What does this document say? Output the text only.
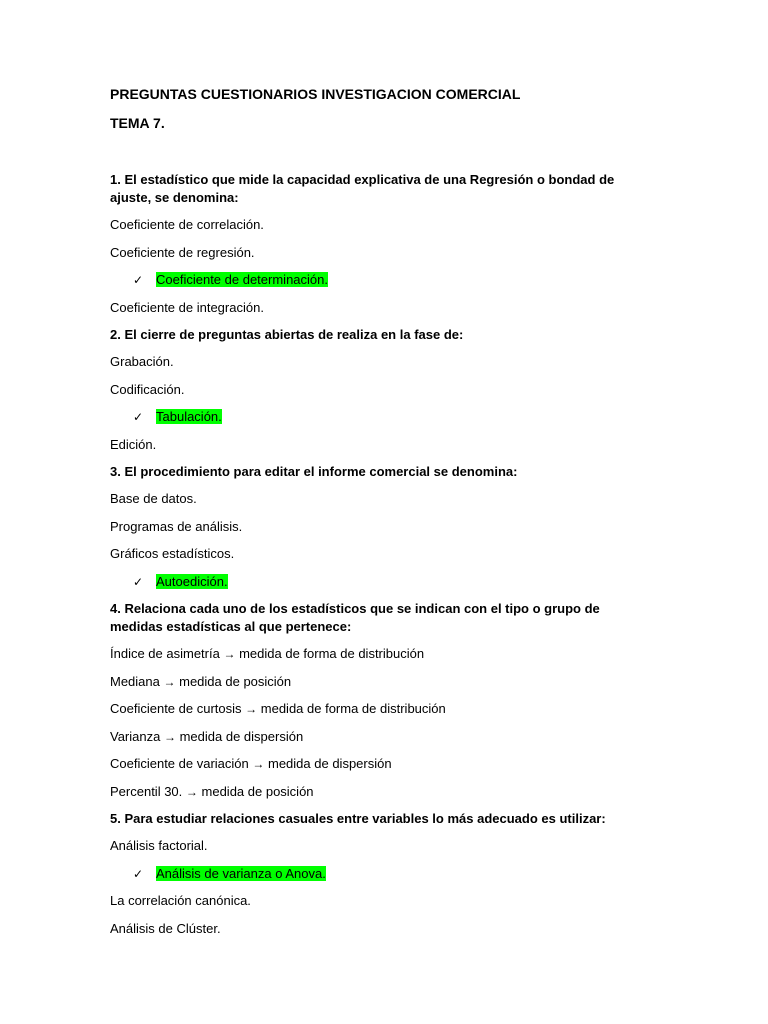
PREGUNTAS CUESTIONARIOS INVESTIGACION COMERCIAL
TEMA 7.
1. El estadístico que mide la capacidad explicativa de una Regresión o bondad de ajuste, se denomina:
Coeficiente de correlación.
Coeficiente de regresión.
✓ Coeficiente de determinación.
Coeficiente de integración.
2. El cierre de preguntas abiertas de realiza en la fase de:
Grabación.
Codificación.
✓ Tabulación.
Edición.
3. El procedimiento para editar el informe comercial se denomina:
Base de datos.
Programas de análisis.
Gráficos estadísticos.
✓ Autoedición.
4. Relaciona cada uno de los estadísticos que se indican con el tipo o grupo de medidas estadísticas al que pertenece:
Índice de asimetría → medida de forma de distribución
Mediana → medida de posición
Coeficiente de curtosis → medida de forma de distribución
Varianza → medida de dispersión
Coeficiente de variación → medida de dispersión
Percentil 30. → medida de posición
5. Para estudiar relaciones casuales entre variables lo más adecuado es utilizar:
Análisis factorial.
✓ Análisis de varianza o Anova.
La correlación canónica.
Análisis de Clúster.
